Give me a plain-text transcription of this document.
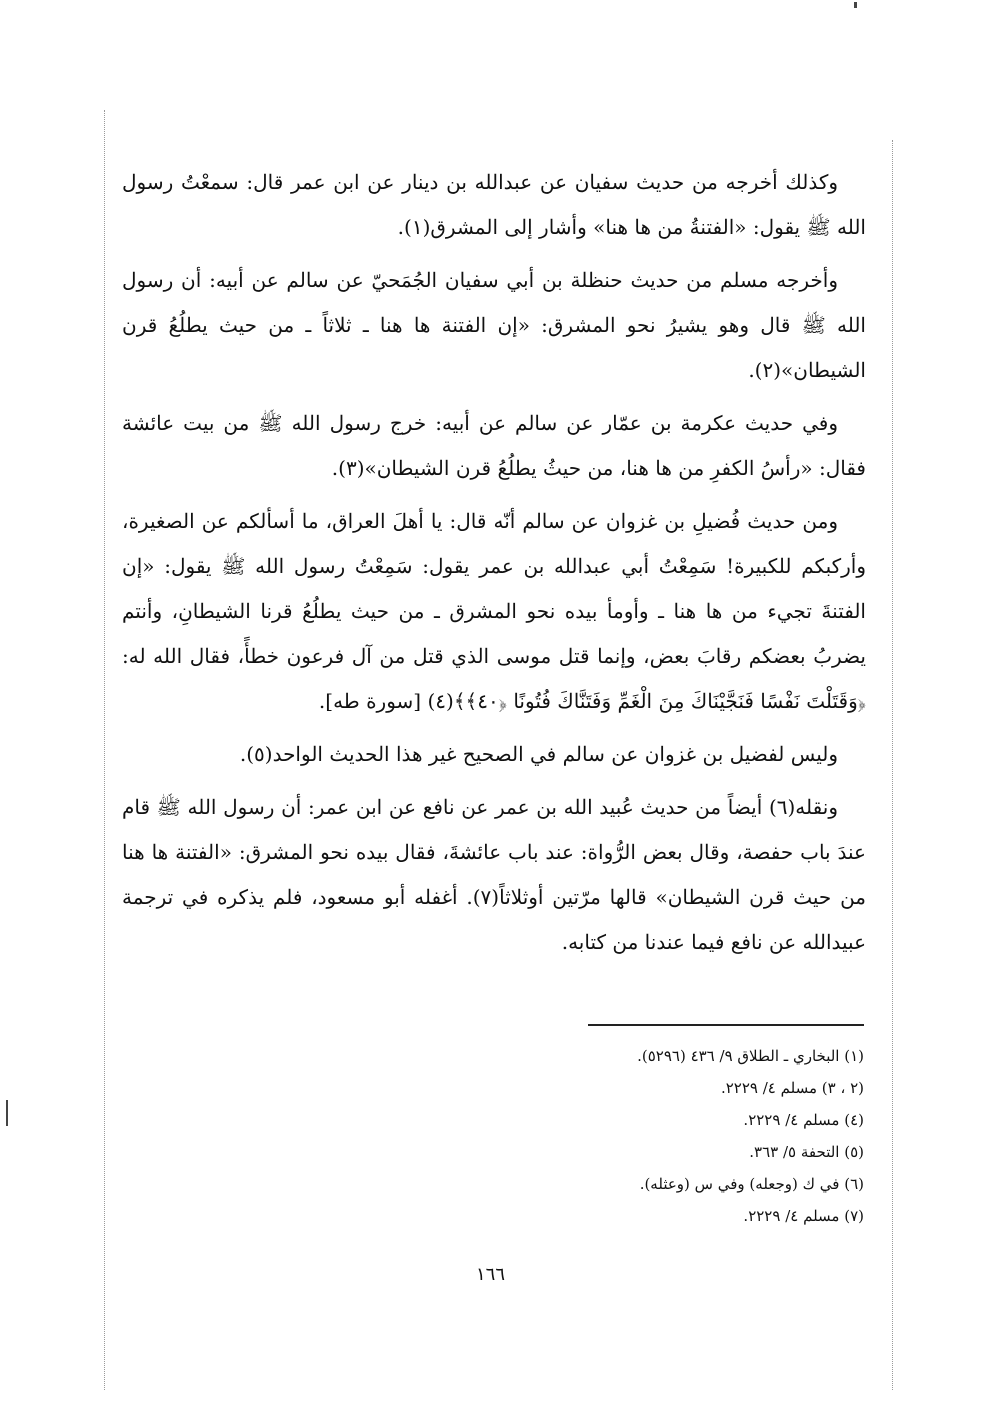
وكذلك أخرجه من حديث سفيان عن عبدالله بن دينار عن ابن عمر قال: سمعْتُ رسول الله ﷺ يقول: «الفتنةُ من ها هنا» وأشار إلى المشرق(١).

وأخرجه مسلم من حديث حنظلة بن أبي سفيان الجُمَحيّ عن سالم عن أبيه: أن رسول الله ﷺ قال وهو يشيرُ نحو المشرق: «إن الفتنة ها هنا ـ ثلاثاً ـ من حيث يطلُعُ قرن الشيطان»(٢).

وفي حديث عكرمة بن عمّار عن سالم عن أبيه: خرج رسول الله ﷺ من بيت عائشة فقال: «رأسُ الكفرِ من ها هنا، من حيثُ يطلُعُ قرن الشيطان»(٣).

ومن حديث فُضيلِ بن غزوان عن سالم أنّه قال: يا أهلَ العراق، ما أسألكم عن الصغيرة، وأركبكم للكبيرة! سَمِعْتُ أبي عبدالله بن عمر يقول: سَمِعْتُ رسول الله ﷺ يقول: «إن الفتنةَ تجيء من ها هنا ـ وأومأ بيده نحو المشرق ـ من حيث يطلُعُ قرنا الشيطانِ، وأنتم يضربُ بعضكم رقابَ بعض، وإنما قتل موسى الذي قتل من آل فرعون خطأً، فقال الله له: ﴿وَقَتَلْتَ نَفْسًا فَنَجَّيْنَاكَ مِنَ الْغَمِّ وَفَتَنَّاكَ فُتُونًا ﴿٤٠﴾﴾(٤) [سورة طه].

وليس لفضيل بن غزوان عن سالم في الصحيح غير هذا الحديث الواحد(٥).

ونقله(٦) أيضاً من حديث عُبيد الله بن عمر عن نافع عن ابن عمر: أن رسول الله ﷺ قام عندَ باب حفصة، وقال بعض الرُّواة: عند باب عائشةَ، فقال بيده نحو المشرق: «الفتنة ها هنا من حيث قرن الشيطان» قالها مرّتين أوثلاثاً(٧). أغفله أبو مسعود، فلم يذكره في ترجمة عبيدالله عن نافع فيما عندنا من كتابه.

(١) البخاري ـ الطلاق ٩/ ٤٣٦ (٥٢٩٦).

(٢ ، ٣) مسلم ٤/ ٢٢٢٩.

(٤) مسلم ٤/ ٢٢٢٩.

(٥) التحفة ٥/ ٣٦٣.

(٦) في ك (وجعله) وفي س (وعثله).

(٧) مسلم ٤/ ٢٢٢٩.

١٦٦
